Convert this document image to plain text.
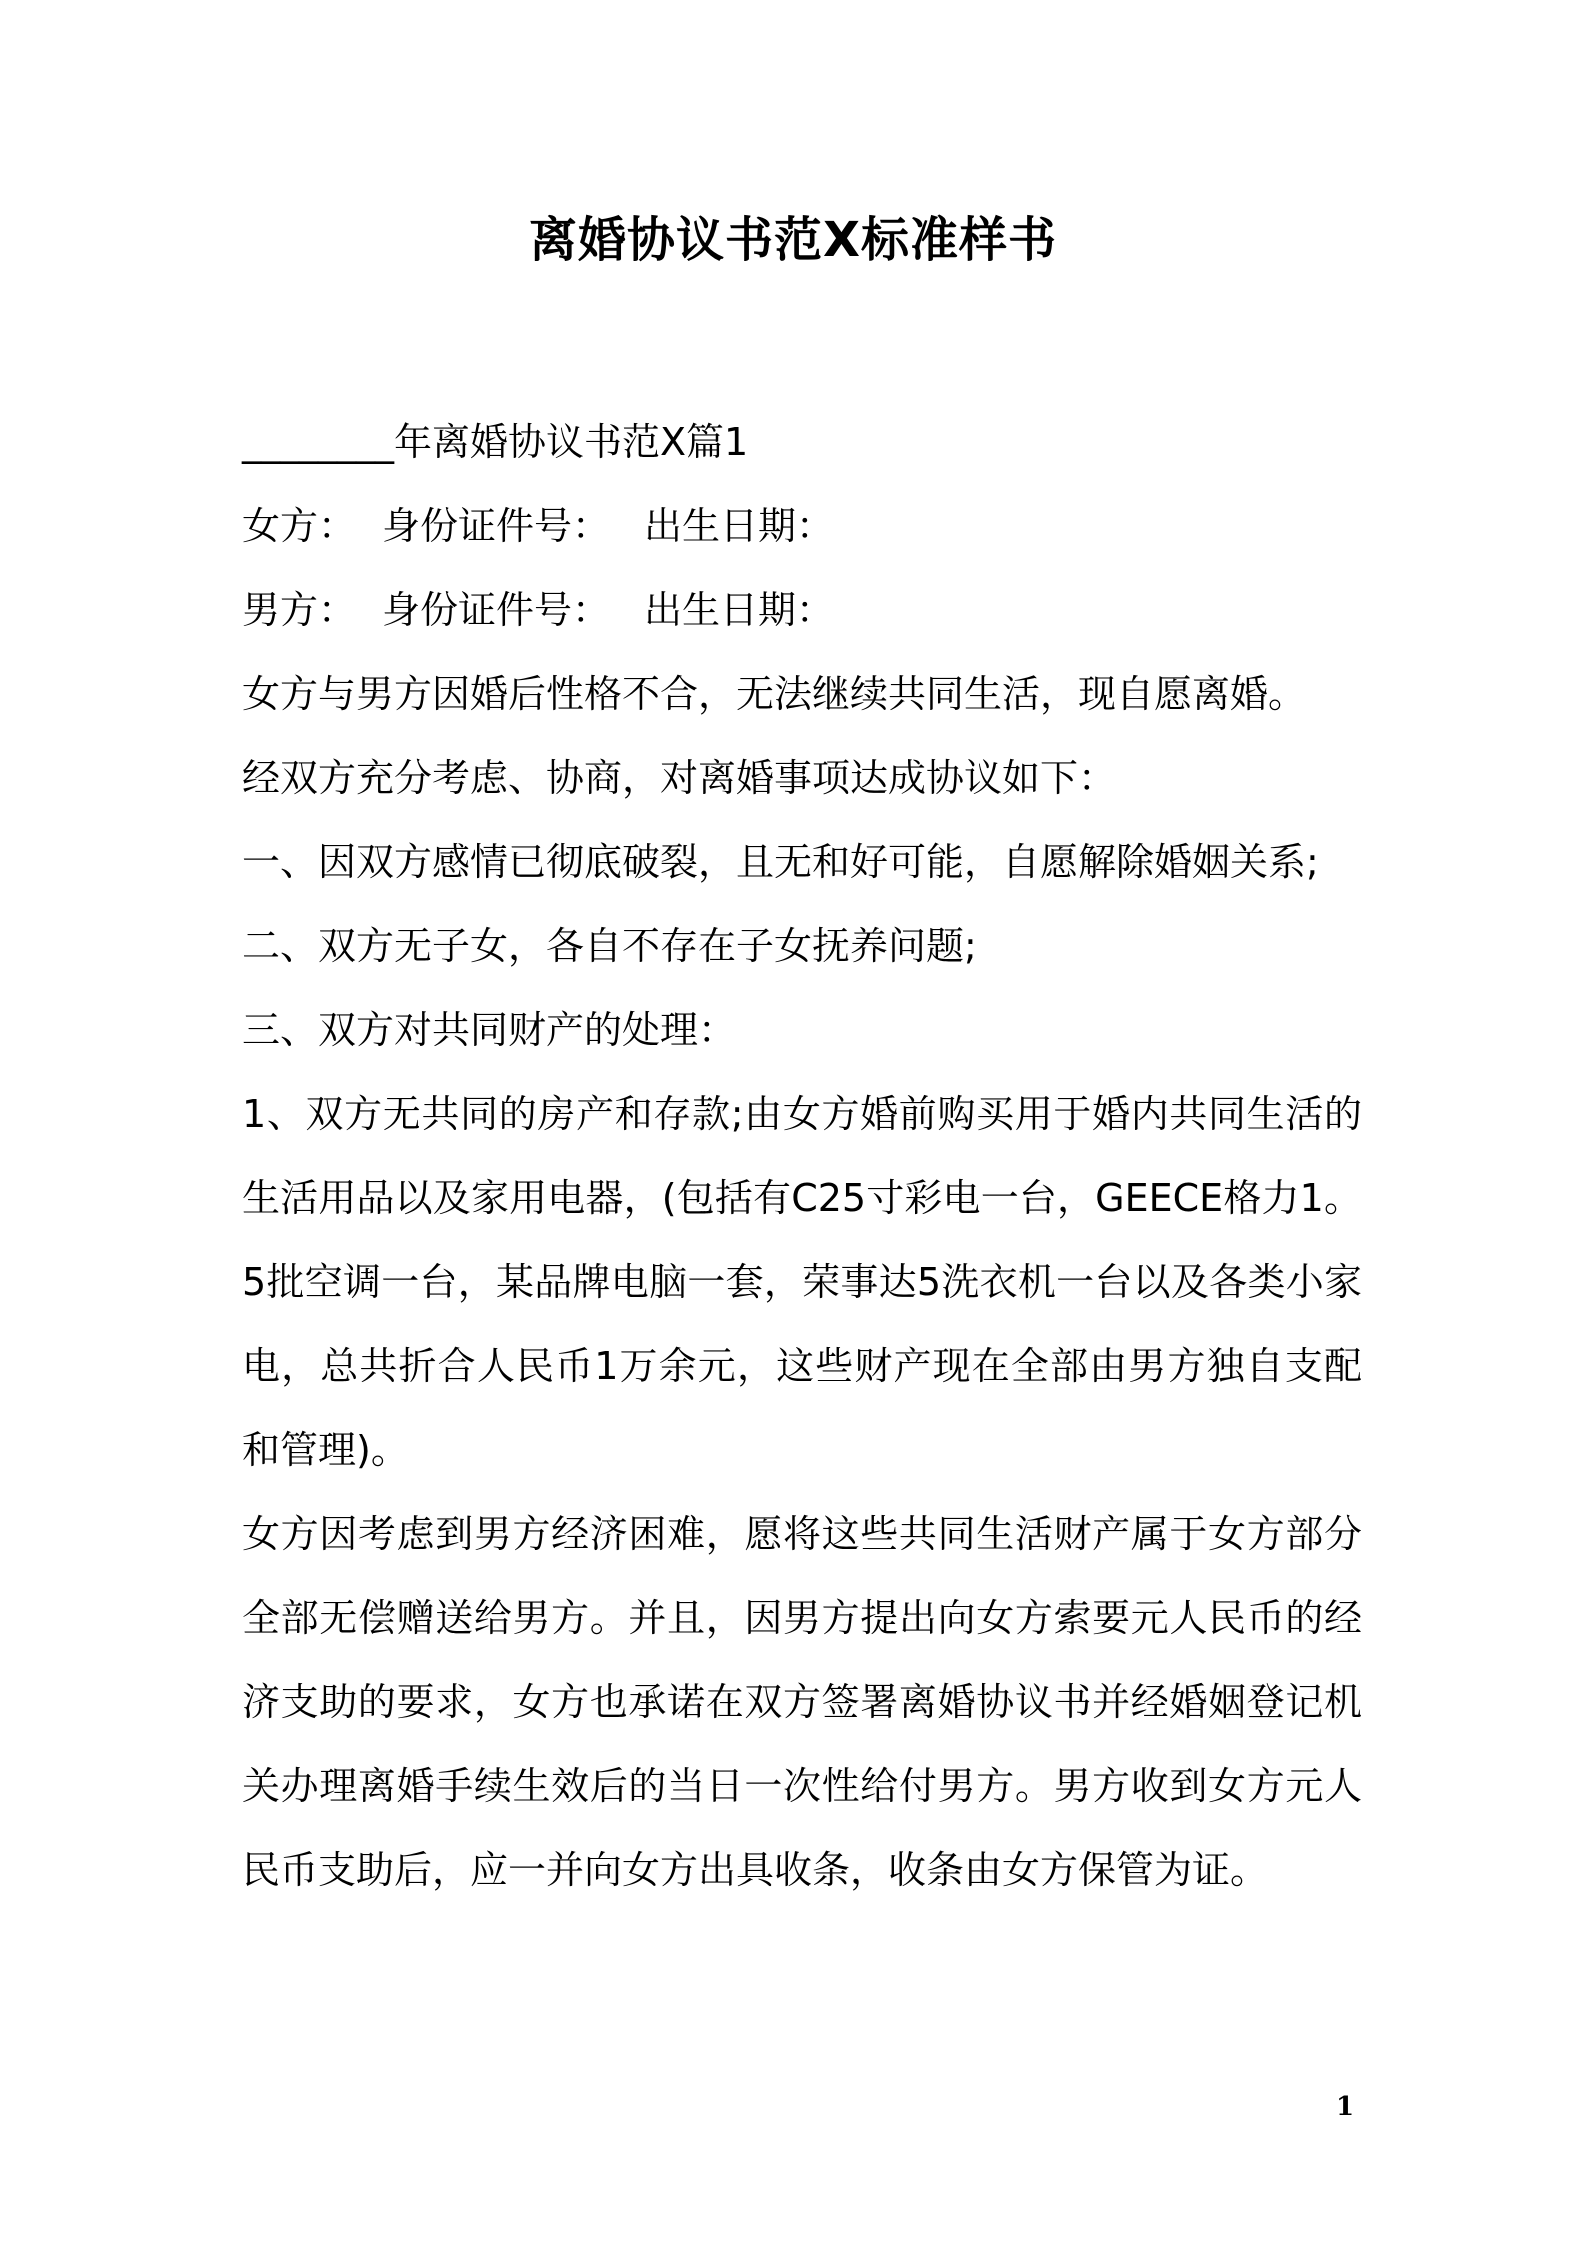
离婚协议书范X标准样书
________年离婚协议书范X篇1
女方： 身份证件号： 出生日期：
男方： 身份证件号： 出生日期：
女方与男方因婚后性格不合，无法继续共同生活，现自愿离婚。
经双方充分考虑、协商，对离婚事项达成协议如下：
一、因双方感情已彻底破裂，且无和好可能，自愿解除婚姻关系;
二、双方无子女，各自不存在子女抚养问题;
三、双方对共同财产的处理：
1、双方无共同的房产和存款;由女方婚前购买用于婚内共同生活的生活用品以及家用电器，(包括有C25寸彩电一台，GEECE格力1。5批空调一台，某品牌电脑一套，荣事达5洗衣机一台以及各类小家电，总共折合人民币1万余元，这些财产现在全部由男方独自支配和管理)。
女方因考虑到男方经济困难，愿将这些共同生活财产属于女方部分全部无偿赠送给男方。并且，因男方提出向女方索要元人民币的经济支助的要求，女方也承诺在双方签署离婚协议书并经婚姻登记机关办理离婚手续生效后的当日一次性给付男方。男方收到女方元人民币支助后，应一并向女方出具收条，收条由女方保管为证。
1
